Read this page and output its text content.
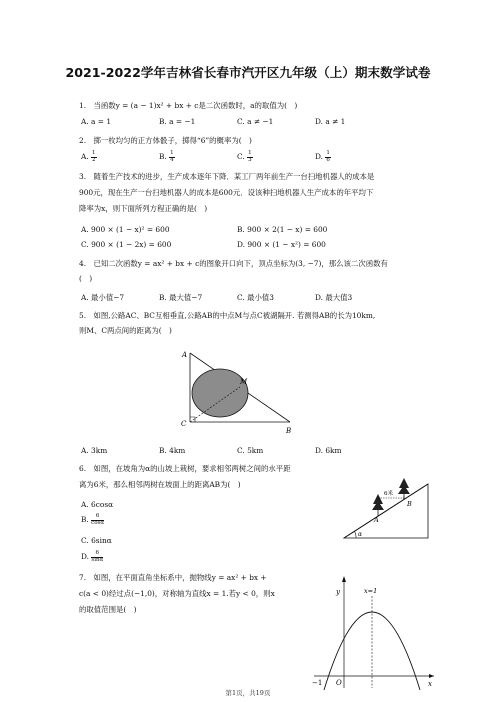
2021-2022学年吉林省长春市汽开区九年级（上）期末数学试卷
1.　当函数y = (a − 1)x² + bx + c是二次函数时，a的取值为(　)
A. a = 1	B. a = −1	C. a ≠ −1	D. a ≠ 1
2.　掷一枚均匀的正方体骰子，掷得“6”的概率为(　)
A. $\frac{1}{2}$	B. $\frac{1}{4}$	C. $\frac{1}{3}$	D. $\frac{1}{6}$
3.　随着生产技术的进步，生产成本逐年下降．某工厂两年前生产一台扫地机器人的成本是
900元，现在生产一台扫地机器人的成本是600元．设该种扫地机器人生产成本的年平均下
降率为x，则下面所列方程正确的是(　)
A. 900 × (1 − x)² = 600	B. 900 × 2(1 − x) = 600
C. 900 × (1 − 2x) = 600	D. 900 × (1 − x²) = 600
4.　已知二次函数y = ax² + bx + c的图象开口向下，顶点坐标为(3, −7)，那么该二次函数有
(　)
A. 最小值−7	B. 最大值−7	C. 最小值3	D. 最大值3
5.　如图,公路AC、BC互相垂直,公路AB的中点M与点C被湖隔开. 若测得AB的长为10km,
则M、C两点间的距离为(　)
A
M
C
B
A. 3km	B. 4km	C. 5km	D. 6km
6.　如图，在坡角为α的山坡上栽树，要求相邻两树之间的水平距
离为6米，那么相邻两树在坡面上的距离AB为(　)
A. 6cosα
B. $\frac{6}{\cos\alpha}$
C. 6sinα
D. $\frac{6}{\sin\alpha}$
α
6米
A
B
7.　如图，在平面直角坐标系中，抛物线y = ax² + bx +
c(a < 0)经过点(−1,0)，对称轴为直线x = 1.若y < 0，则x
的取值范围是(　)
y
x
x=1
−1 O
第1页，共19页
